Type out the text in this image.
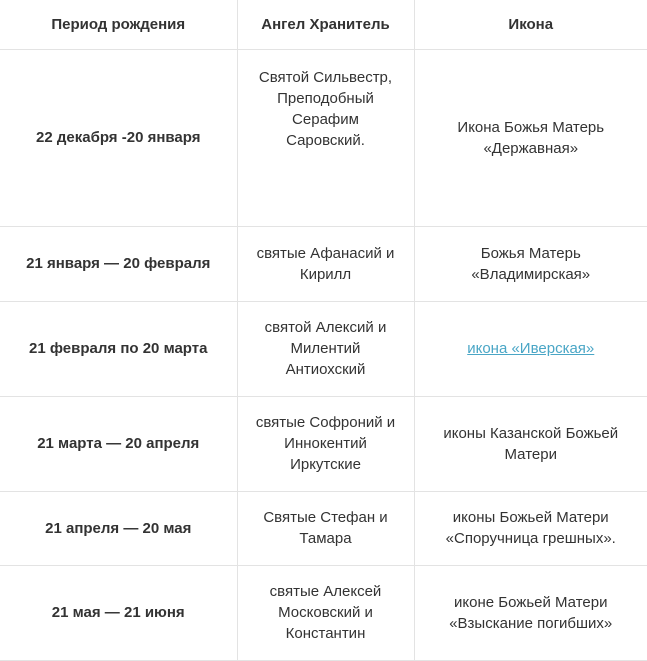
Период рождения	Ангел Хранитель	Икона
22 декабря -20 января	Святой Сильвестр, Преподобный Серафим Саровский.	Икона Божья Матерь «Державная»
21 января — 20 февраля	святые Афанасий и Кирилл	Божья Матерь «Владимирская»
21 февраля по 20 марта	святой Алексий и Милентий Антиохский	икона «Иверская»
21 марта — 20 апреля	святые Софроний и Иннокентий Иркутские	иконы Казанской Божьей Матери
21 апреля — 20 мая	Святые Стефан и Тамара	иконы Божьей Матери «Споручница грешных».
21 мая — 21 июня	святые Алексей Московский и Константин	иконе Божьей Матери «Взыскание погибших»
